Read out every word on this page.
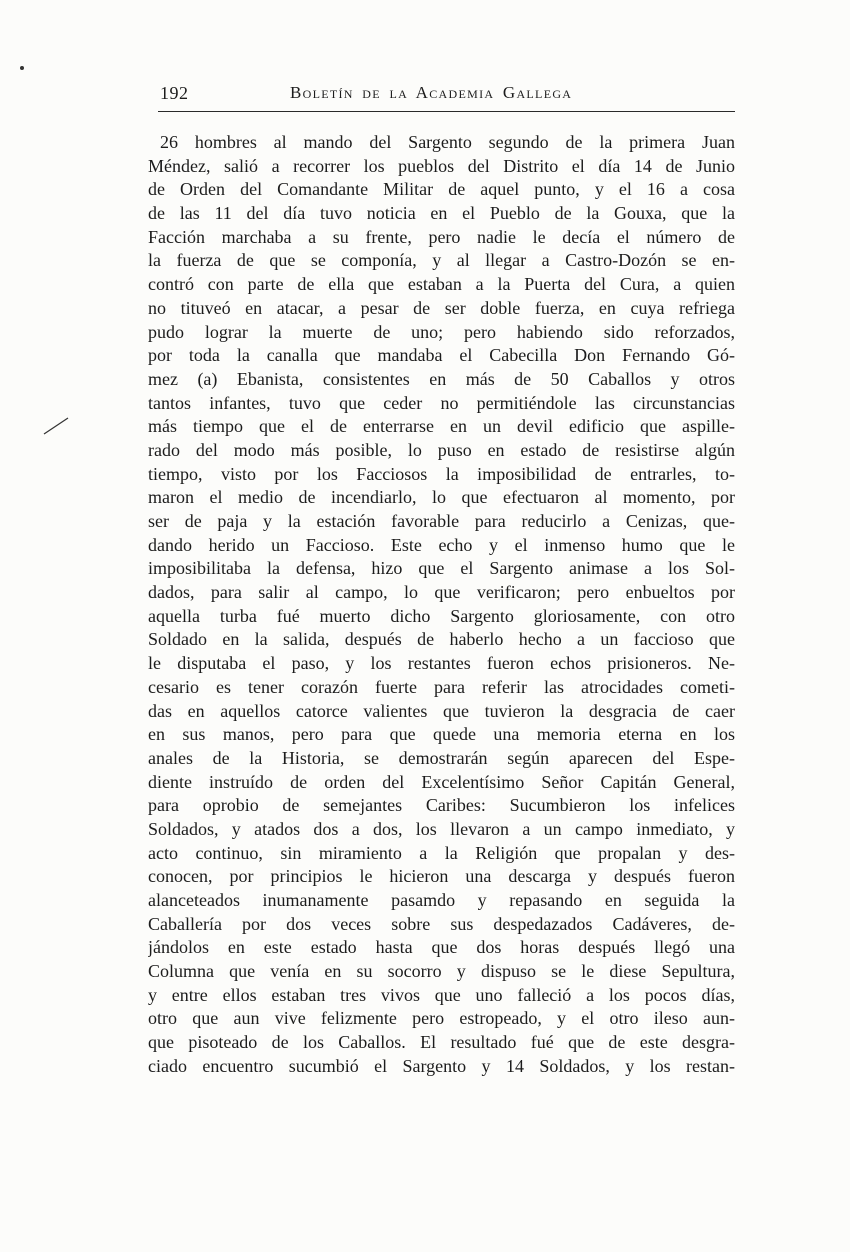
192	Boletín de la Academia Gallega
26 hombres al mando del Sargento segundo de la primera Juan
Méndez, salió a recorrer los pueblos del Distrito el día 14 de Junio
de Orden del Comandante Militar de aquel punto, y el 16 a cosa
de las 11 del día tuvo noticia en el Pueblo de la Gouxa, que la
Facción marchaba a su frente, pero nadie le decía el número de
la fuerza de que se componía, y al llegar a Castro-Dozón se en-
contró con parte de ella que estaban a la Puerta del Cura, a quien
no tituveó en atacar, a pesar de ser doble fuerza, en cuya refriega
pudo lograr la muerte de uno; pero habiendo sido reforzados,
por toda la canalla que mandaba el Cabecilla Don Fernando Gó-
mez (a) Ebanista, consistentes en más de 50 Caballos y otros
tantos infantes, tuvo que ceder no permitiéndole las circunstancias
más tiempo que el de enterrarse en un devil edificio que aspille-
rado del modo más posible, lo puso en estado de resistirse algún
tiempo, visto por los Facciosos la imposibilidad de entrarles, to-
maron el medio de incendiarlo, lo que efectuaron al momento, por
ser de paja y la estación favorable para reducirlo a Cenizas, que-
dando herido un Faccioso. Este echo y el inmenso humo que le
imposibilitaba la defensa, hizo que el Sargento animase a los Sol-
dados, para salir al campo, lo que verificaron; pero enbueltos por
aquella turba fué muerto dicho Sargento gloriosamente, con otro
Soldado en la salida, después de haberlo hecho a un faccioso que
le disputaba el paso, y los restantes fueron echos prisioneros. Ne-
cesario es tener corazón fuerte para referir las atrocidades cometi-
das en aquellos catorce valientes que tuvieron la desgracia de caer
en sus manos, pero para que quede una memoria eterna en los
anales de la Historia, se demostrarán según aparecen del Espe-
diente instruído de orden del Excelentísimo Señor Capitán General,
para oprobio de semejantes Caribes: Sucumbieron los infelices
Soldados, y atados dos a dos, los llevaron a un campo inmediato, y
acto continuo, sin miramiento a la Religión que propalan y des-
conocen, por principios le hicieron una descarga y después fueron
alanceteados inumanamente pasamdo y repasando en seguida la
Caballería por dos veces sobre sus despedazados Cadáveres, de-
jándolos en este estado hasta que dos horas después llegó una
Columna que venía en su socorro y dispuso se le diese Sepultura,
y entre ellos estaban tres vivos que uno falleció a los pocos días,
otro que aun vive felizmente pero estropeado, y el otro ileso aun-
que pisoteado de los Caballos. El resultado fué que de este desgra-
ciado encuentro sucumbió el Sargento y 14 Soldados, y los restan-
